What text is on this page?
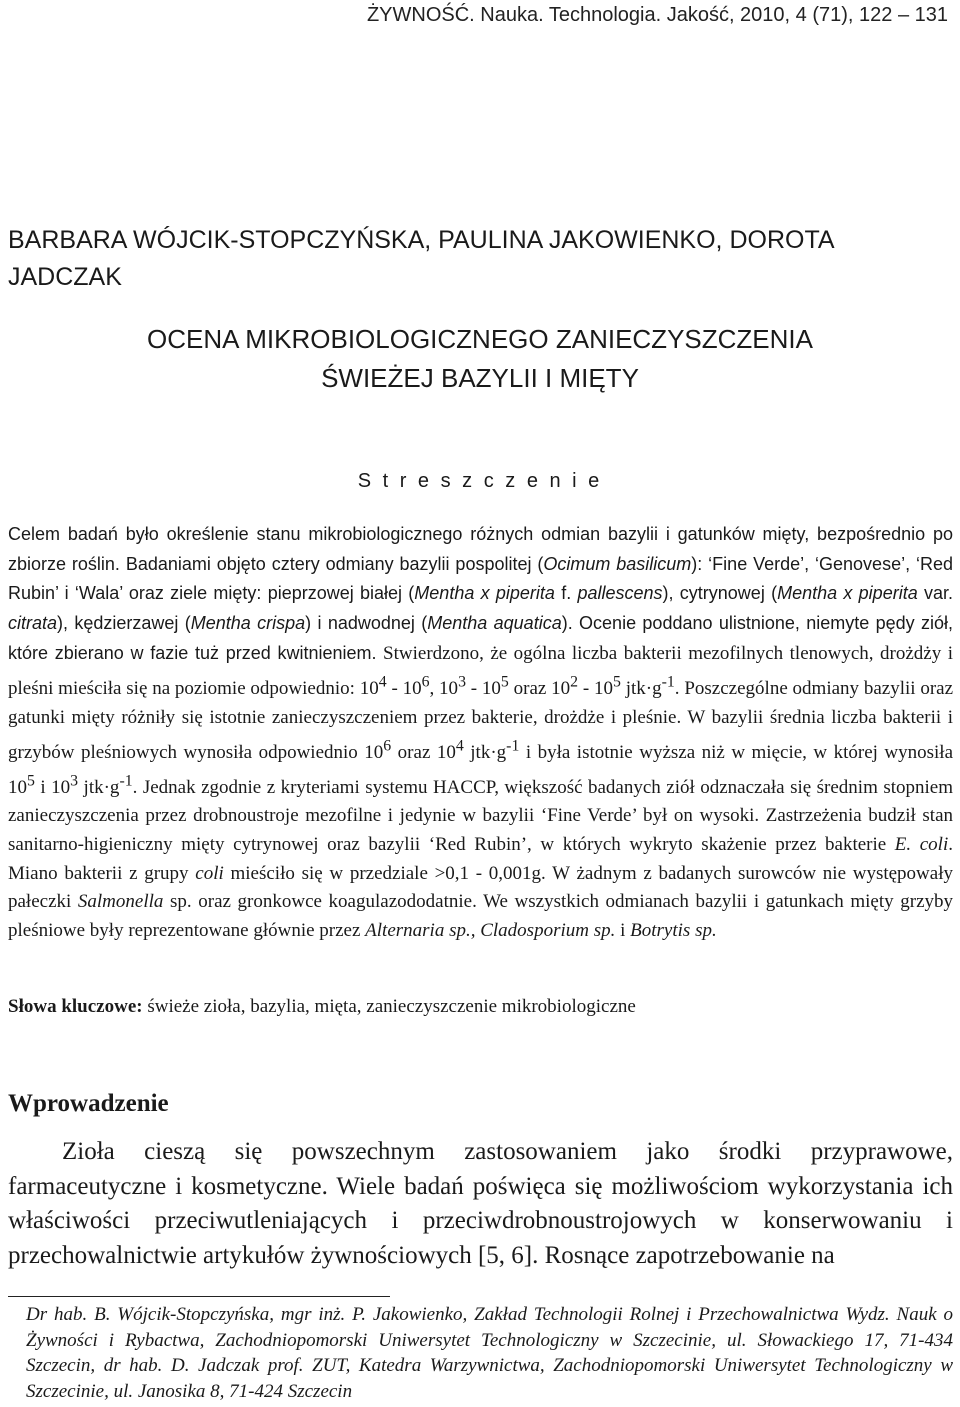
ŻYWNOŚĆ. Nauka. Technologia. Jakość, 2010, 4 (71), 122 – 131
BARBARA WÓJCIK-STOPCZYŃSKA, PAULINA JAKOWIENKO, DOROTA JADCZAK
OCENA MIKROBIOLOGICZNEGO ZANIECZYSZCZENIA
ŚWIEŻEJ BAZYLII I MIĘTY
S t r e s z c z e n i e

Celem badań było określenie stanu mikrobiologicznego różnych odmian bazylii i gatunków mięty, bezpośrednio po zbiorze roślin. Badaniami objęto cztery odmiany bazylii pospolitej (Ocimum basilicum): ‘Fine Verde’, ‘Genovese’, ‘Red Rubin’ i ‘Wala’ oraz ziele mięty: pieprzowej białej (Mentha x piperita f. pallescens), cytrynowej (Mentha x piperita var. citrata), kędzierzawej (Mentha crispa) i nadwodnej (Mentha aquatica). Ocenie poddano ulistnione, niemyte pędy ziół, które zbierano w fazie tuż przed kwitnieniem. Stwierdzono, że ogólna liczba bakterii mezofilnych tlenowych, drożdży i pleśni mieściła się na poziomie odpowiednio: $10^4 - 10^6$, $10^3 - 10^5$ oraz $10^2 - 10^5$ $jtk\cdot g^{-1}$. Poszczególne odmiany bazylii oraz gatunki mięty różniły się istotnie zanieczyszczeniem przez bakterie, drożdże i pleśnie. W bazylii średnia liczba bakterii i grzybów pleśniowych wynosiła odpowiednio $10^6$ oraz $10^4$ $jtk\cdot g^{-1}$ i była istotnie wyższa niż w mięcie, w której wynosiła $10^5$ i $10^3$ $jtk\cdot g^{-1}$. Jednak zgodnie z kryteriami systemu HACCP, większość badanych ziół odznaczała się średnim stopniem zanieczyszczenia przez drobnoustroje mezofilne i jedynie w bazylii ‘Fine Verde’ był on wysoki. Zastrzeżenia budził stan sanitarno-higieniczny mięty cytrynowej oraz bazylii ‘Red Rubin’, w których wykryto skażenie przez bakterie E. coli. Miano bakterii z grupy coli mieściło się w przedziale >0,1 - 0,001g. W żadnym z badanych surowców nie występowały pałeczki Salmonella sp. oraz gronkowce koagulazododatnie. We wszystkich odmianach bazylii i gatunkach mięty grzyby pleśniowe były reprezentowane głównie przez Alternaria sp., Cladosporium sp. i Botrytis sp.

Słowa kluczowe: świeże zioła, bazylia, mięta, zanieczyszczenie mikrobiologiczne

Wprowadzenie

Zioła cieszą się powszechnym zastosowaniem jako środki przyprawowe, farmaceutyczne i kosmetyczne. Wiele badań poświęca się możliwościom wykorzystania ich właściwości przeciwutleniających i przeciwdrobnoustrojowych w konserwowaniu i przechowalnictwie artykułów żywnościowych [5, 6]. Rosnące zapotrzebowanie na

Dr hab. B. Wójcik-Stopczyńska, mgr inż. P. Jakowienko, Zakład Technologii Rolnej i Przechowalnictwa Wydz. Nauk o Żywności i Rybactwa, Zachodniopomorski Uniwersytet Technologiczny w Szczecinie, ul. Słowackiego 17, 71-434 Szczecin, dr hab. D. Jadczak prof. ZUT, Katedra Warzywnictwa, Zachodniopomorski Uniwersytet Technologiczny w Szczecinie, ul. Janosika 8, 71-424 Szczecin
